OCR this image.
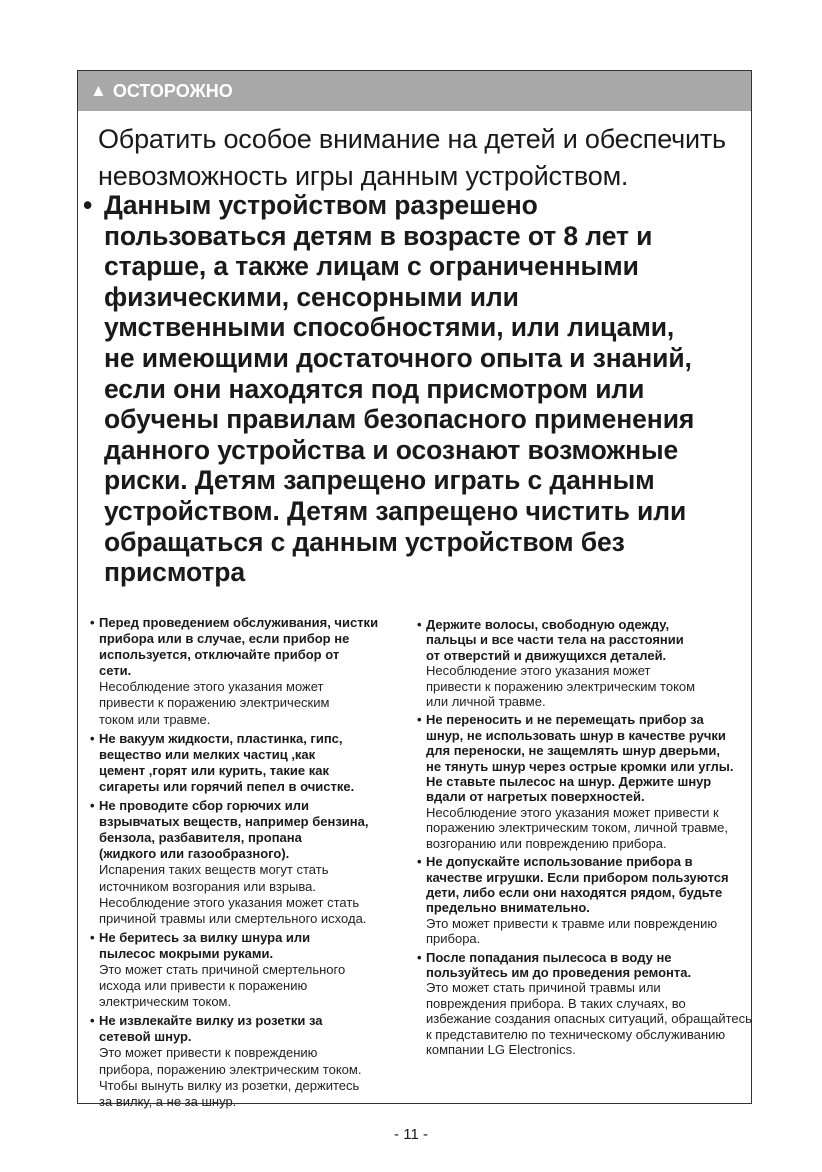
▲ ОСТОРОЖНО
Обратить особое внимание на детей и обеспечить
невозможность игры данным устройством.
• Данным устройством разрешено
пользоваться детям в возрасте от 8 лет и
старше, а также лицам с ограниченными
физическими, сенсорными или
умственными способностями, или лицами,
не имеющими достаточного опыта и знаний,
если они находятся под присмотром или
обучены правилам безопасного применения
данного устройства и осознают возможные
риски. Детям запрещено играть с данным
устройством. Детям запрещено чистить или
обращаться с данным устройством без
присмотра
• Перед проведением обслуживания, чистки
прибора или в случае, если прибор не
используется, отключайте прибор от
сети.
Несоблюдение этого указания может
привести к поражению электрическим
током или травме.
• Не вакуум жидкости, пластинка, гипс,
вещество или мелких частиц ,как
цемент ,горят или курить, такие как
сигареты или горячий пепел в очистке.
• Не проводите сбор горючих или
взрывчатых веществ, например бензина,
бензола, разбавителя, пропана
(жидкого или газообразного).
Испарения таких веществ могут стать
источником возгорания или взрыва.
Несоблюдение этого указания может стать
причиной травмы или смертельного исхода.
• Не беритесь за вилку шнура или
пылесос мокрыми руками.
Это может стать причиной смертельного
исхода или привести к поражению
электрическим током.
• Не извлекайте вилку из розетки за
сетевой шнур.
Это может привести к повреждению
прибора, поражению электрическим током.
Чтобы вынуть вилку из розетки, держитесь
за вилку, а не за шнур.
• Держите волосы, свободную одежду,
пальцы и все части тела на расстоянии
от отверстий и движущихся деталей.
Несоблюдение этого указания может
привести к поражению электрическим током
или личной травме.
• Не переносить и не перемещать прибор за
шнур, не использовать шнур в качестве ручки
для переноски, не защемлять шнур дверьми,
не тянуть шнур через острые кромки или углы.
Не ставьте пылесос на шнур. Держите шнур
вдали от нагретых поверхностей.
Несоблюдение этого указания может привести к
поражению электрическим током, личной травме,
возгоранию или повреждению прибора.
• Не допускайте использование прибора в
качестве игрушки. Если прибором пользуются
дети, либо если они находятся рядом, будьте
предельно внимательно.
Это может привести к травме или повреждению
прибора.
• После попадания пылесоса в воду не
пользуйтесь им до проведения ремонта.
Это может стать причиной травмы или
повреждения прибора. В таких случаях, во
избежание создания опасных ситуаций, обращайтесь
к представителю по техническому обслуживанию
компании LG Electronics.
- 11 -
